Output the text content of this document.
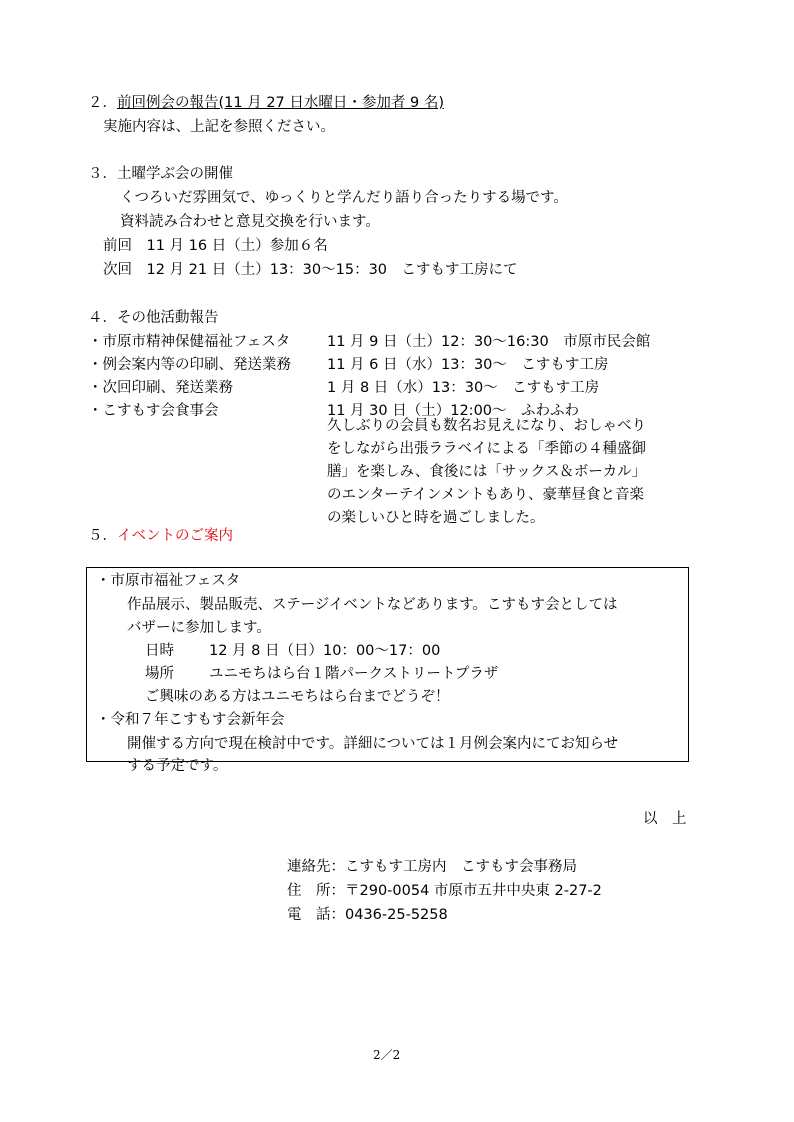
２．前回例会の報告(11 月 27 日水曜日・参加者 9 名)
実施内容は、上記を参照ください。
３．土曜学ぶ会の開催
くつろいだ雰囲気で、ゆっくりと学んだり語り合ったりする場です。
資料読み合わせと意見交換を行います。
前回　11 月 16 日（土）参加６名
次回　12 月 21 日（土）13：30〜15：30　こすもす工房にて
４．その他活動報告
・市原市精神保健福祉フェスタ	11 月 9 日（土）12：30〜16:30　市原市民会館
・例会案内等の印刷、発送業務 11 月 6 日（水）13：30〜　こすもす工房
・次回印刷、発送業務	1 月 8 日（水）13：30〜　こすもす工房
・こすもす会食事会	11 月 30 日（土）12:00〜　ふわふわ
久しぶりの会員も数名お見えになり、おしゃべり
をしながら出張ララベイによる「季節の４種盛御
膳」を楽しみ、食後には「サックス＆ボーカル」
のエンターテインメントもあり、豪華昼食と音楽
の楽しいひと時を過ごしました。
５．イベントのご案内
・市原市福祉フェスタ
作品展示、製品販売、ステージイベントなどあります。こすもす会としては
バザーに参加します。
日時 12 月 8 日（日）10：00〜17：00
場所 ユニモちはら台１階パークストリートプラザ
ご興味のある方はユニモちはら台までどうぞ！
・令和７年こすもす会新年会
開催する方向で現在検討中です。詳細については１月例会案内にてお知らせ
する予定です。
以　上
連絡先：こすもす工房内　こすもす会事務局
住　所：〒290-0054 市原市五井中央東 2-27-2
電　話：0436-25-5258
2／2
